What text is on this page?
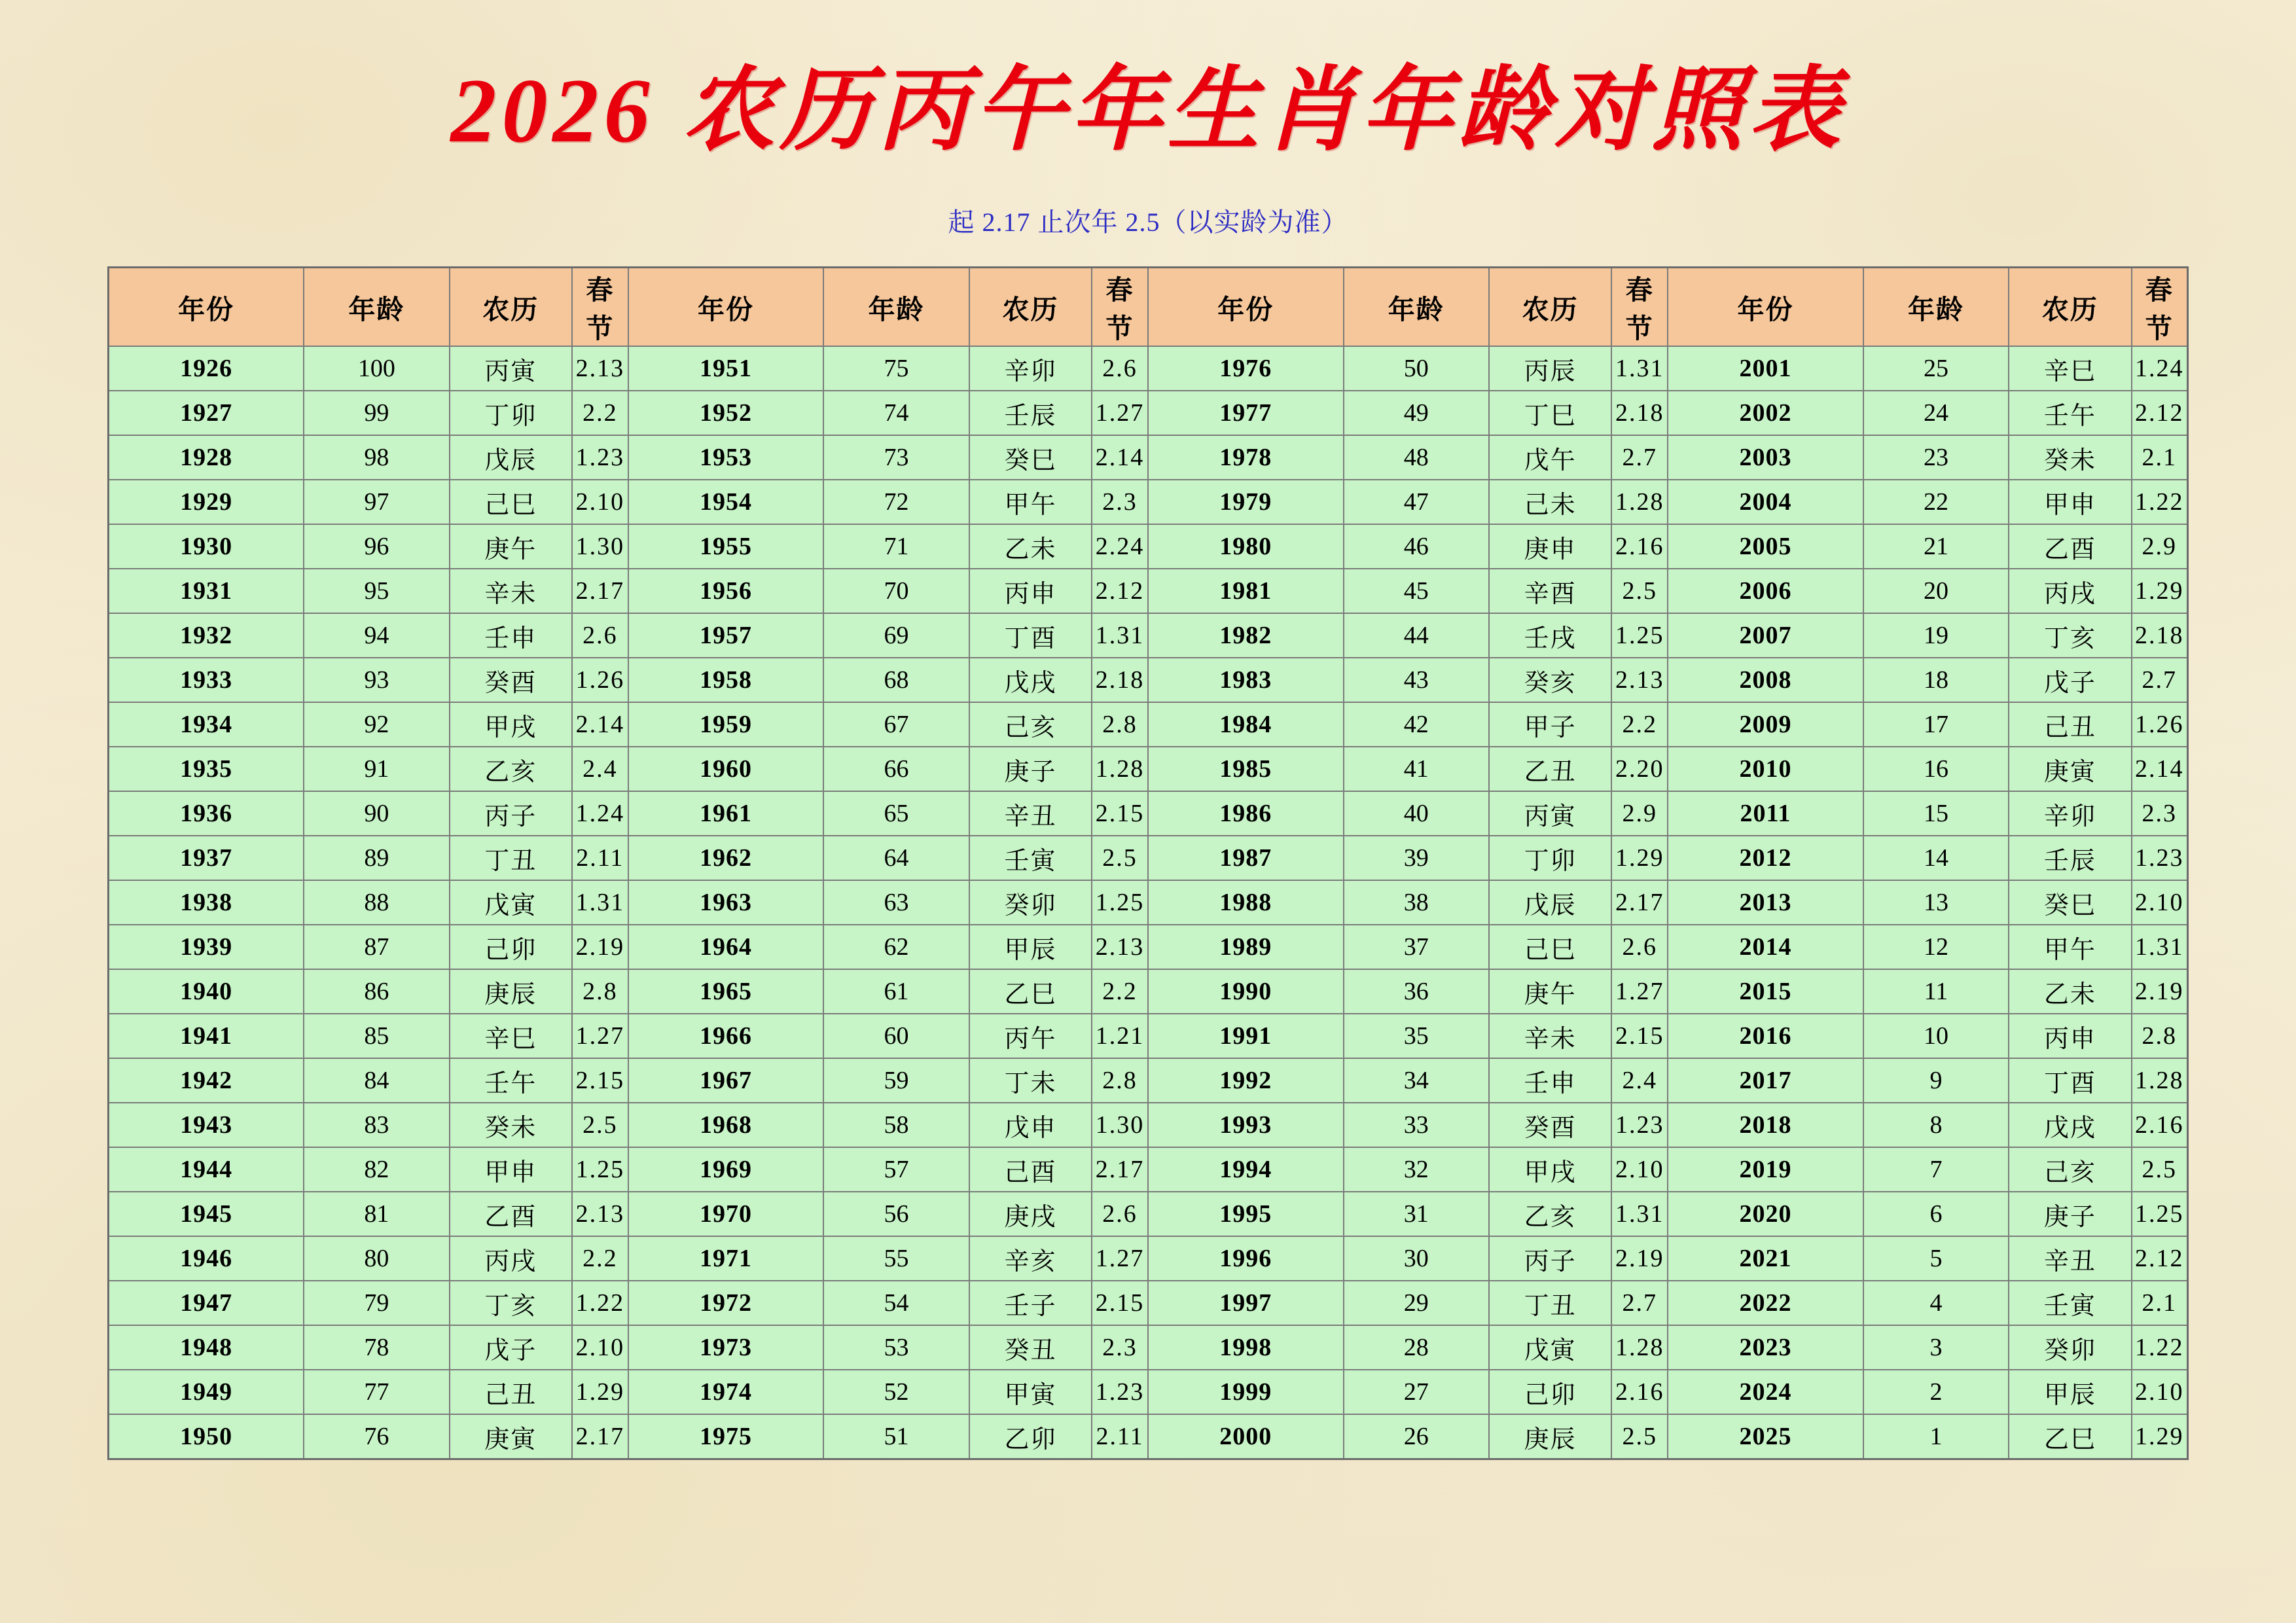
2026 农历丙午年生肖年龄对照表
起 2.17 止次年 2.5（以实龄为准）
年份	年龄	农历	春节	年份	年龄	农历	春节	年份	年龄	农历	春节	年份	年龄	农历	春节
1926	100	丙寅	2.13	1951	75	辛卯	2.6	1976	50	丙辰	1.31	2001	25	辛巳	1.24
1927	99	丁卯	2.2	1952	74	壬辰	1.27	1977	49	丁巳	2.18	2002	24	壬午	2.12
1928	98	戊辰	1.23	1953	73	癸巳	2.14	1978	48	戊午	2.7	2003	23	癸未	2.1
1929	97	己巳	2.10	1954	72	甲午	2.3	1979	47	己未	1.28	2004	22	甲申	1.22
1930	96	庚午	1.30	1955	71	乙未	2.24	1980	46	庚申	2.16	2005	21	乙酉	2.9
1931	95	辛未	2.17	1956	70	丙申	2.12	1981	45	辛酉	2.5	2006	20	丙戌	1.29
1932	94	壬申	2.6	1957	69	丁酉	1.31	1982	44	壬戌	1.25	2007	19	丁亥	2.18
1933	93	癸酉	1.26	1958	68	戊戌	2.18	1983	43	癸亥	2.13	2008	18	戊子	2.7
1934	92	甲戌	2.14	1959	67	己亥	2.8	1984	42	甲子	2.2	2009	17	己丑	1.26
1935	91	乙亥	2.4	1960	66	庚子	1.28	1985	41	乙丑	2.20	2010	16	庚寅	2.14
1936	90	丙子	1.24	1961	65	辛丑	2.15	1986	40	丙寅	2.9	2011	15	辛卯	2.3
1937	89	丁丑	2.11	1962	64	壬寅	2.5	1987	39	丁卯	1.29	2012	14	壬辰	1.23
1938	88	戊寅	1.31	1963	63	癸卯	1.25	1988	38	戊辰	2.17	2013	13	癸巳	2.10
1939	87	己卯	2.19	1964	62	甲辰	2.13	1989	37	己巳	2.6	2014	12	甲午	1.31
1940	86	庚辰	2.8	1965	61	乙巳	2.2	1990	36	庚午	1.27	2015	11	乙未	2.19
1941	85	辛巳	1.27	1966	60	丙午	1.21	1991	35	辛未	2.15	2016	10	丙申	2.8
1942	84	壬午	2.15	1967	59	丁未	2.8	1992	34	壬申	2.4	2017	9	丁酉	1.28
1943	83	癸未	2.5	1968	58	戊申	1.30	1993	33	癸酉	1.23	2018	8	戊戌	2.16
1944	82	甲申	1.25	1969	57	己酉	2.17	1994	32	甲戌	2.10	2019	7	己亥	2.5
1945	81	乙酉	2.13	1970	56	庚戌	2.6	1995	31	乙亥	1.31	2020	6	庚子	1.25
1946	80	丙戌	2.2	1971	55	辛亥	1.27	1996	30	丙子	2.19	2021	5	辛丑	2.12
1947	79	丁亥	1.22	1972	54	壬子	2.15	1997	29	丁丑	2.7	2022	4	壬寅	2.1
1948	78	戊子	2.10	1973	53	癸丑	2.3	1998	28	戊寅	1.28	2023	3	癸卯	1.22
1949	77	己丑	1.29	1974	52	甲寅	1.23	1999	27	己卯	2.16	2024	2	甲辰	2.10
1950	76	庚寅	2.17	1975	51	乙卯	2.11	2000	26	庚辰	2.5	2025	1	乙巳	1.29
